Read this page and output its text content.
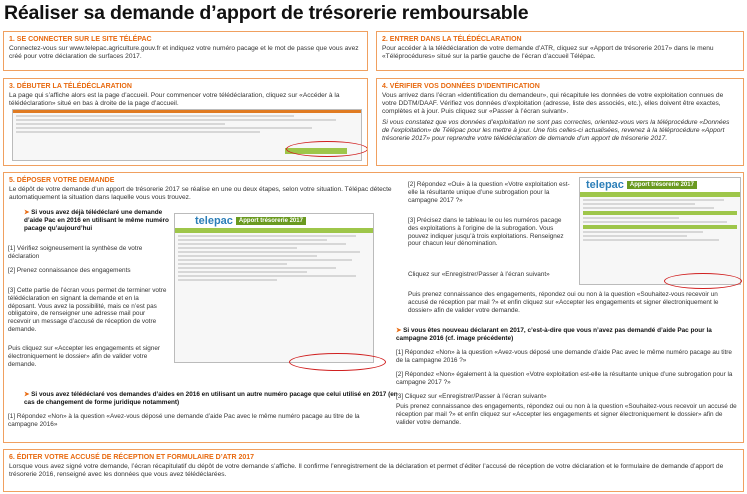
Réaliser sa demande d’apport de trésorerie remboursable
1. SE CONNECTER SUR LE SITE TÉLÉPAC
Connectez-vous sur www.telepac.agriculture.gouv.fr et indiquez votre numéro pacage et le mot de passe que vous avez créé pour votre déclaration de surfaces 2017.
2. ENTRER DANS LA TÉLÉDÉCLARATION
Pour accéder à la télédéclaration de votre demande d’ATR, cliquez sur «Apport de trésorerie 2017» dans le menu «Téléprocédures» situé sur la partie gauche de l’écran d’accueil Télépac.
3. DÉBUTER LA TÉLÉDÉCLARATION
La page qui s’affiche alors est la page d’accueil. Pour commencer votre télédéclaration, cliquez sur «Accéder à la télédéclaration» situé en bas à droite de la page d’accueil.
4. VÉRIFIER VOS DONNÉES D’IDENTIFICATION
Vous arrivez dans l’écran «Identification du demandeur», qui récapitule les données de votre exploitation connues de votre DDTM/DAAF. Vérifiez vos données d’exploitation (adresse, liste des associés, etc.), elles doivent être exactes, complètes et à jour. Puis cliquez sur «Passer à l’écran suivant».
Si vous constatez que vos données d’exploitation ne sont pas correctes, orientez-vous vers la téléprocédure «Données de l’exploitation» de Télépac pour les mettre à jour. Une fois celles-ci actualisées, revenez à la téléprocédure «Apport trésorerie 2017» pour reprendre votre télédéclaration de demande d’un apport de trésorerie 2017.
5. DÉPOSER VOTRE DEMANDE
Le dépôt de votre demande d’un apport de trésorerie 2017 se réalise en une ou deux étapes, selon votre situation. Télépac détecte automatiquement la situation dans laquelle vous vous trouvez.
➤ Si vous avez déjà télédéclaré une demande d’aide Pac en 2016 en utilisant le même numéro pacage qu’aujourd’hui
[1] Vérifiez soigneusement la synthèse de votre déclaration
[2] Prenez connaissance des engagements
[3] Cette partie de l’écran vous permet de terminer votre télédéclaration en signant la demande et en la déposant. Vous avez la possibilité, mais ce n’est pas obligatoire, de renseigner une adresse mail pour recevoir un message d’accusé de réception de votre demande.
Puis cliquez sur «Accepter les engagements et signer électroniquement le dossier» afin de valider votre demande.
telepac Apport trésorerie 2017
➤ Si vous avez télédéclaré vos demandes d’aides en 2016 en utilisant un autre numéro pacage que celui utilisé en 2017 (en cas de changement de forme juridique notamment)
[1] Répondez «Non» à la question «Avez-vous déposé une demande d’aide Pac avec le même numéro pacage au titre de la campagne 2016»
[2] Répondez «Oui» à la question «Votre exploitation est-elle la résultante unique d’une subrogation pour la campagne 2017 ?»
[3] Précisez dans le tableau le ou les numéros pacage des exploitations à l’origine de la subrogation. Vous pouvez indiquer jusqu’à trois exploitations. Renseignez pour chacun leur dénomination.
Cliquez sur «Enregistrer/Passer à l’écran suivant»
Puis prenez connaissance des engagements, répondez oui ou non à la question «Souhaitez-vous recevoir un accusé de réception par mail ?» et enfin cliquez sur «Accepter les engagements et signer électroniquement le dossier» afin de valider votre demande.
telepac Apport trésorerie 2017
➤ Si vous êtes nouveau déclarant en 2017, c’est-à-dire que vous n’avez pas demandé d’aide Pac pour la campagne 2016 (cf. image précédente)
[1] Répondez «Non» à la question «Avez-vous déposé une demande d’aide Pac avec le même numéro pacage au titre de la campagne 2016 ?»
[2] Répondez «Non» également à la question «Votre exploitation est-elle la résultante unique d’une subrogation pour la campagne 2017 ?»
[3] Cliquez sur «Enregistrer/Passer à l’écran suivant»
Puis prenez connaissance des engagements, répondez oui ou non à la question «Souhaitez-vous recevoir un accusé de réception par mail ?» et enfin cliquez sur «Accepter les engagements et signer électroniquement le dossier» afin de valider votre demande.
6. ÉDITER VOTRE ACCUSÉ DE RÉCEPTION ET FORMULAIRE D’ATR 2017
Lorsque vous avez signé votre demande, l’écran récapitulatif du dépôt de votre demande s’affiche. Il confirme l’enregistrement de la déclaration et permet d’éditer l’accusé de réception de votre déclaration et le formulaire de demande d’apport de trésorerie 2016, renseigné avec les données que vous avez télédéclarées.
